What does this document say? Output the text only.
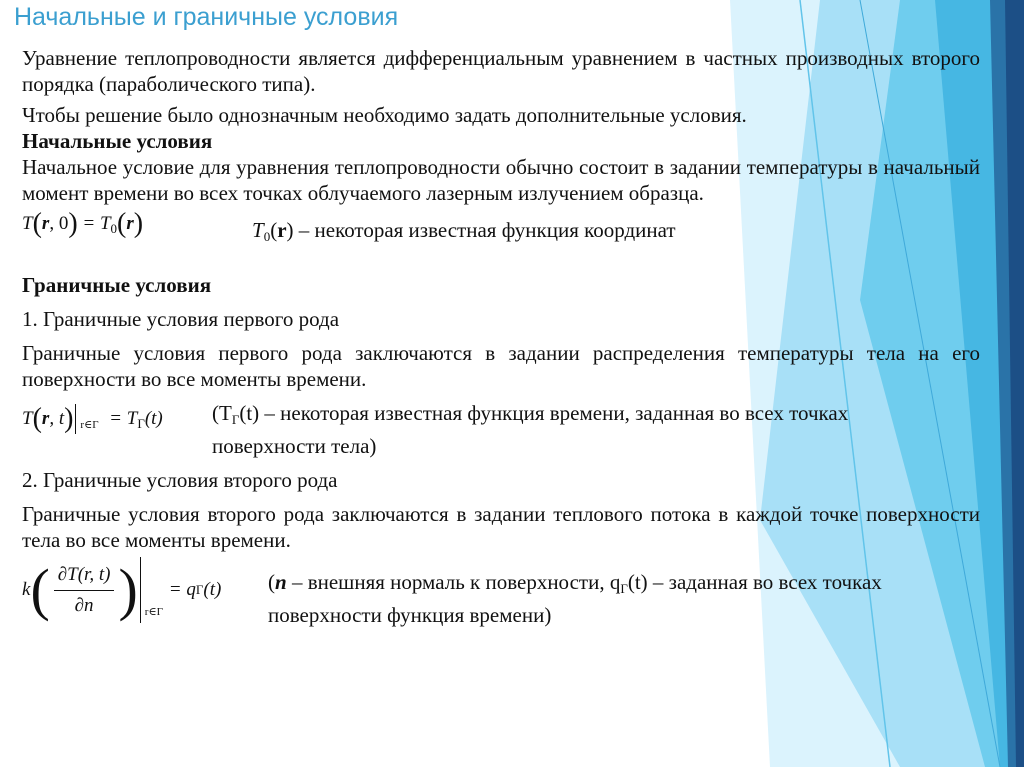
Начальные и граничные условия

Уравнение теплопроводности является дифференциальным уравнением в частных производных второго порядка (параболического типа).

Чтобы решение было однозначным необходимо задать дополнительные условия.

Начальные условия

Начальное условие для уравнения теплопроводности обычно состоит в задании температуры в начальный момент времени во всех точках облучаемого лазерным излучением образца.

T(r, $0) = T_0(r)$	$T_0(r)$ – некоторая известная функция координат

Граничные условия

1. Граничные условия первого рода

Граничные условия первого рода заключаются в задании распределения температуры тела на его поверхности во все моменты времени.

T(r, t) r∈Γ = $T_\Gamma(t)$	($T_\Gamma(t)$ – некоторая известная функция времени, заданная во всех точках поверхности тела)

2. Граничные условия второго рода

Граничные условия второго рода заключаются в задании теплового потока в каждой точке поверхности тела во все моменты времени.

k ( $\frac{\partial T(r, t)}{\partial n}$ ) r∈Γ
= q Γ (t) (n – внешняя нормаль к поверхности, $q_Г(t)$ – заданная во всех точках поверхности функция времени)
